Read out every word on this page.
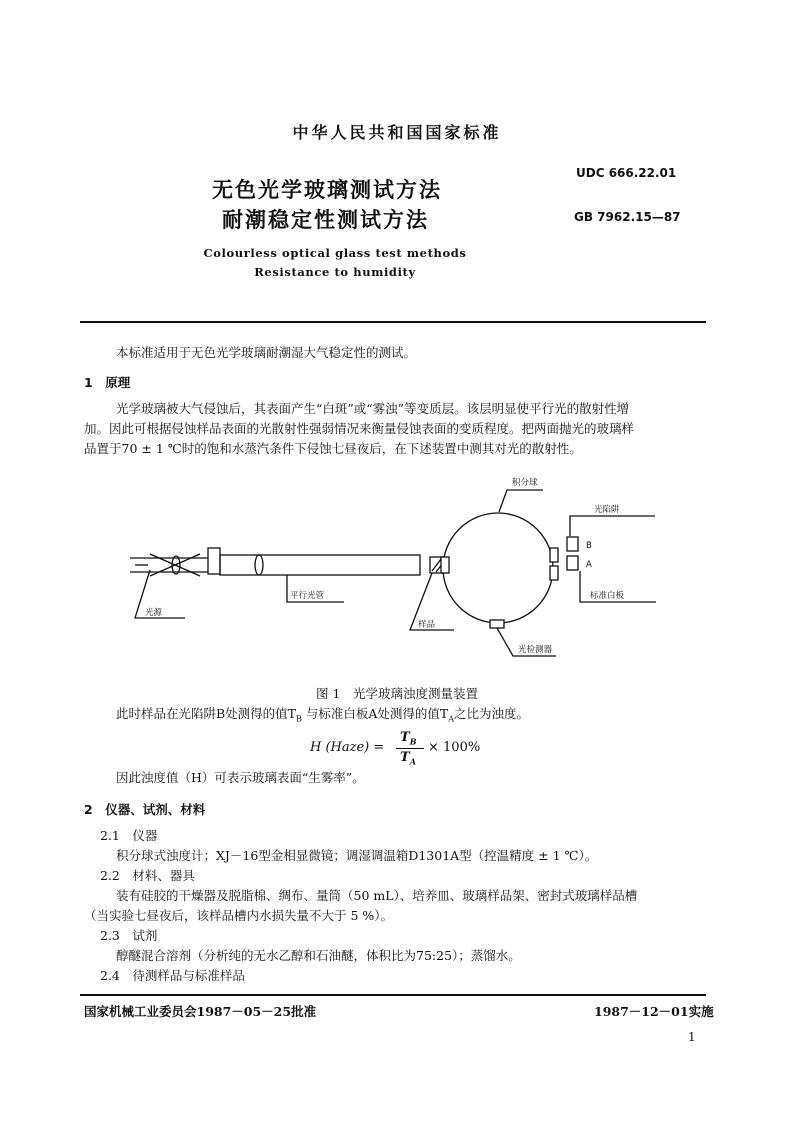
中华人民共和国国家标准
无色光学玻璃测试方法
耐潮稳定性测试方法
UDC 666.22.01
GB 7962.15—87
Colourless optical glass test methods
Resistance to humidity
本标准适用于无色光学玻璃耐潮湿大气稳定性的测试。
1　原理
光学玻璃被大气侵蚀后，其表面产生“白斑”或“雾浊”等变质层。该层明显使平行光的散射性增
加。因此可根据侵蚀样品表面的光散射性强弱情况来衡量侵蚀表面的变质程度。把两面抛光的玻璃样
品置于70 ± 1 ℃时的饱和水蒸汽条件下侵蚀七昼夜后，在下述装置中测其对光的散射性。
积分球
光陷阱
B
A
标准白板
平行光管
光源
样品
光检测器
图 1　光学玻璃浊度测量装置
此时样品在光陷阱B处测得的值$T_B$ 与标准白板A处测得的值$T_A$之比为浊度。
H (Haze) =
$T_B$
$T_A$
× 100%
因此浊度值（H）可表示玻璃表面“生雾率”。
2　仪器、试剂、材料
2.1　仪器
积分球式浊度计；XJ－16型金相显微镜；调湿调温箱D1301A型（控温精度 ± 1 ℃）。
2.2　材料、器具
装有硅胶的干燥器及脱脂棉、绸布、量筒（50 mL）、培养皿、玻璃样品架、密封式玻璃样品槽
（当实验七昼夜后，该样品槽内水损失量不大于 5 %）。
2.3　试剂
醇醚混合溶剂（分析纯的无水乙醇和石油醚，体积比为75:25）；蒸馏水。
2.4　待测样品与标准样品
国家机械工业委员会1987－05－25批准	1987－12－01实施
1
